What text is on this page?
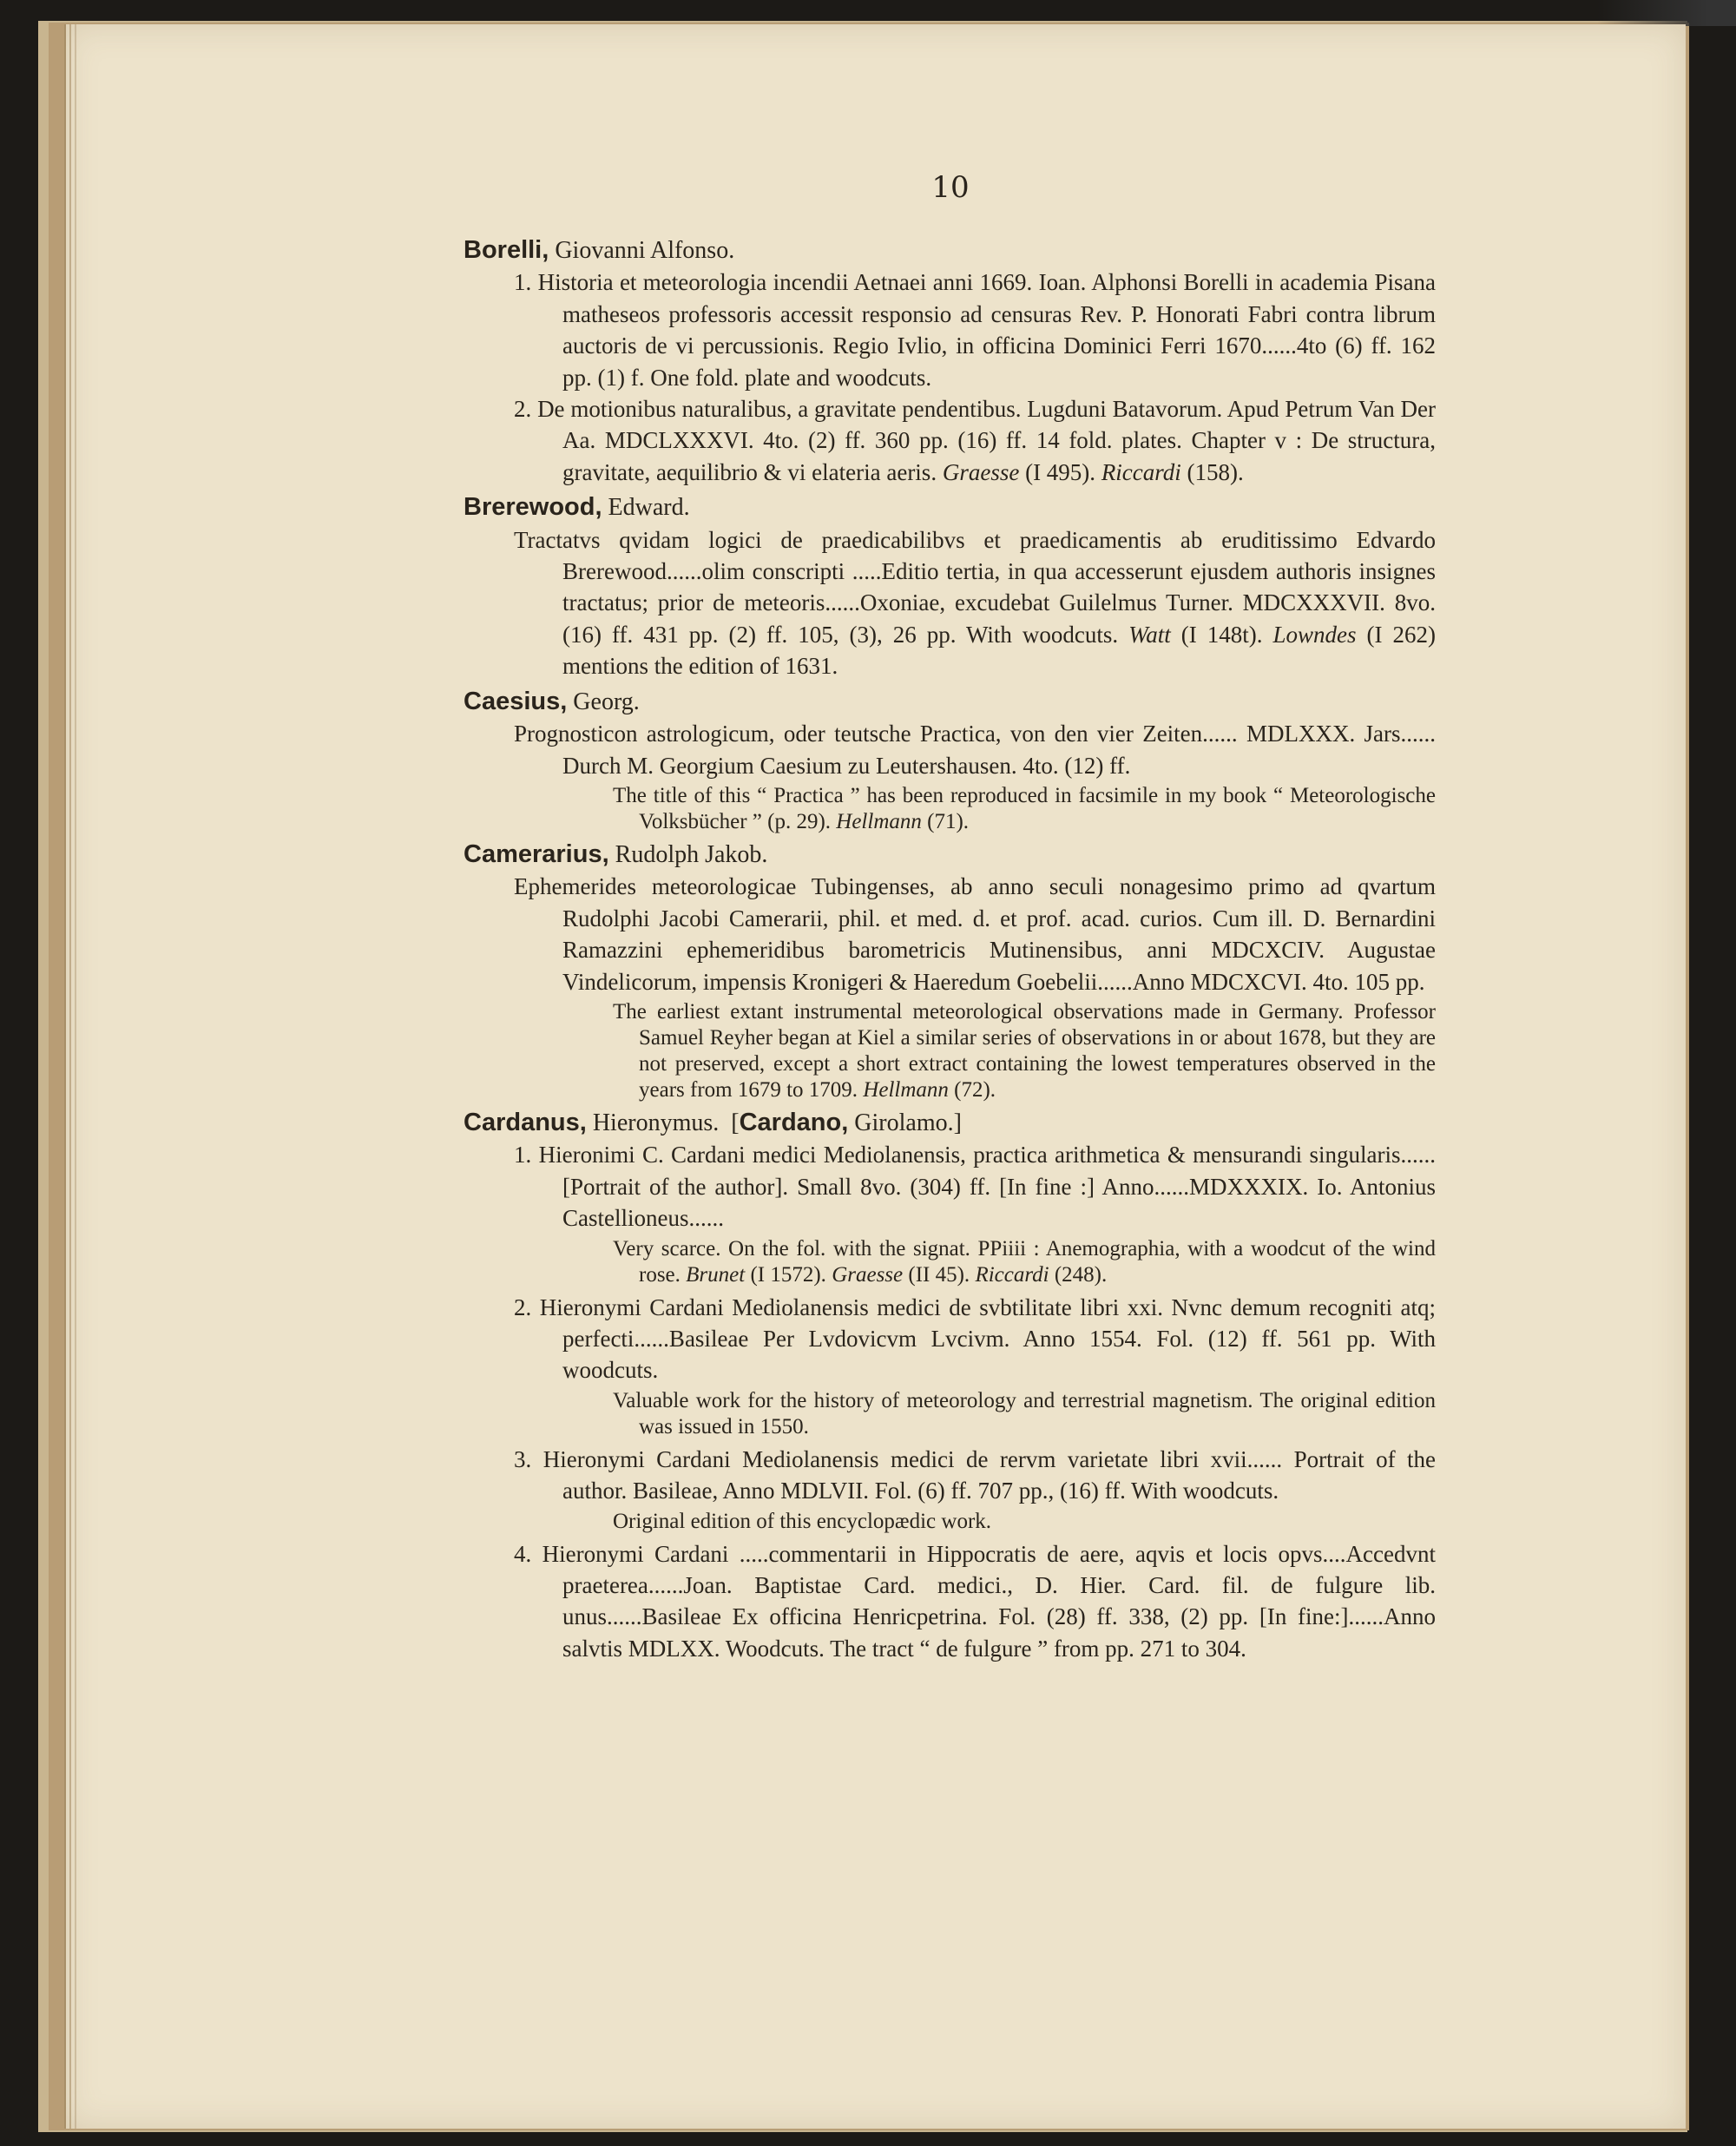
10
Borelli, Giovanni Alfonso.
1. Historia et meteorologia incendii Aetnaei anni 1669. Ioan. Alphonsi Borelli in academia Pisana matheseos professoris accessit responsio ad censuras Rev. P. Honorati Fabri contra librum auctoris de vi percussionis. Regio Ivlio, in officina Dominici Ferri 1670......4to (6) ff. 162 pp. (1) f. One fold. plate and woodcuts.
2. De motionibus naturalibus, a gravitate pendentibus. Lugduni Batavorum. Apud Petrum Van Der Aa. MDCLXXXVI. 4to. (2) ff. 360 pp. (16) ff. 14 fold. plates. Chapter v : De structura, gravitate, aequilibrio & vi elateria aeris. Graesse (I 495). Riccardi (158).
Brerewood, Edward.
Tractatvs qvidam logici de praedicabilibvs et praedicamentis ab eruditissimo Edvardo Brerewood......olim conscripti .....Editio tertia, in qua accesserunt ejusdem authoris insignes tractatus; prior de meteoris......Oxoniae, excudebat Guilelmus Turner. MDCXXXVII. 8vo. (16) ff. 431 pp. (2) ff. 105, (3), 26 pp. With woodcuts. Watt (I 148t). Lowndes (I 262) mentions the edition of 1631.
Caesius, Georg.
Prognosticon astrologicum, oder teutsche Practica, von den vier Zeiten...... MDLXXX. Jars...... Durch M. Georgium Caesium zu Leutershausen. 4to. (12) ff.
The title of this “ Practica ” has been reproduced in facsimile in my book “ Meteorologische Volksbücher ” (p. 29). Hellmann (71).
Camerarius, Rudolph Jakob.
Ephemerides meteorologicae Tubingenses, ab anno seculi nonagesimo primo ad qvartum Rudolphi Jacobi Camerarii, phil. et med. d. et prof. acad. curios. Cum ill. D. Bernardini Ramazzini ephemeridibus barometricis Mutinensibus, anni MDCXCIV. Augustae Vindelicorum, impensis Kronigeri & Haeredum Goebelii......Anno MDCXCVI. 4to. 105 pp.
The earliest extant instrumental meteorological observations made in Germany. Professor Samuel Reyher began at Kiel a similar series of observations in or about 1678, but they are not preserved, except a short extract containing the lowest temperatures observed in the years from 1679 to 1709. Hellmann (72).
Cardanus, Hieronymus. [Cardano, Girolamo.]
1. Hieronimi C. Cardani medici Mediolanensis, practica arithmetica & mensurandi singularis...... [Portrait of the author]. Small 8vo. (304) ff. [In fine :] Anno......MDXXXIX. Io. Antonius Castellioneus......
Very scarce. On the fol. with the signat. PPiiii : Anemographia, with a woodcut of the wind rose. Brunet (I 1572). Graesse (II 45). Riccardi (248).
2. Hieronymi Cardani Mediolanensis medici de svbtilitate libri xxi. Nvnc demum recogniti atq; perfecti......Basileae Per Lvdovicvm Lvcivm. Anno 1554. Fol. (12) ff. 561 pp. With woodcuts.
Valuable work for the history of meteorology and terrestrial magnetism. The original edition was issued in 1550.
3. Hieronymi Cardani Mediolanensis medici de rervm varietate libri xvii...... Portrait of the author. Basileae, Anno MDLVII. Fol. (6) ff. 707 pp., (16) ff. With woodcuts.
Original edition of this encyclopædic work.
4. Hieronymi Cardani .....commentarii in Hippocratis de aere, aqvis et locis opvs....Accedvnt praeterea......Joan. Baptistae Card. medici., D. Hier. Card. fil. de fulgure lib. unus......Basileae Ex officina Henricpetrina. Fol. (28) ff. 338, (2) pp. [In fine:]......Anno salvtis MDLXX. Woodcuts. The tract “ de fulgure ” from pp. 271 to 304.
